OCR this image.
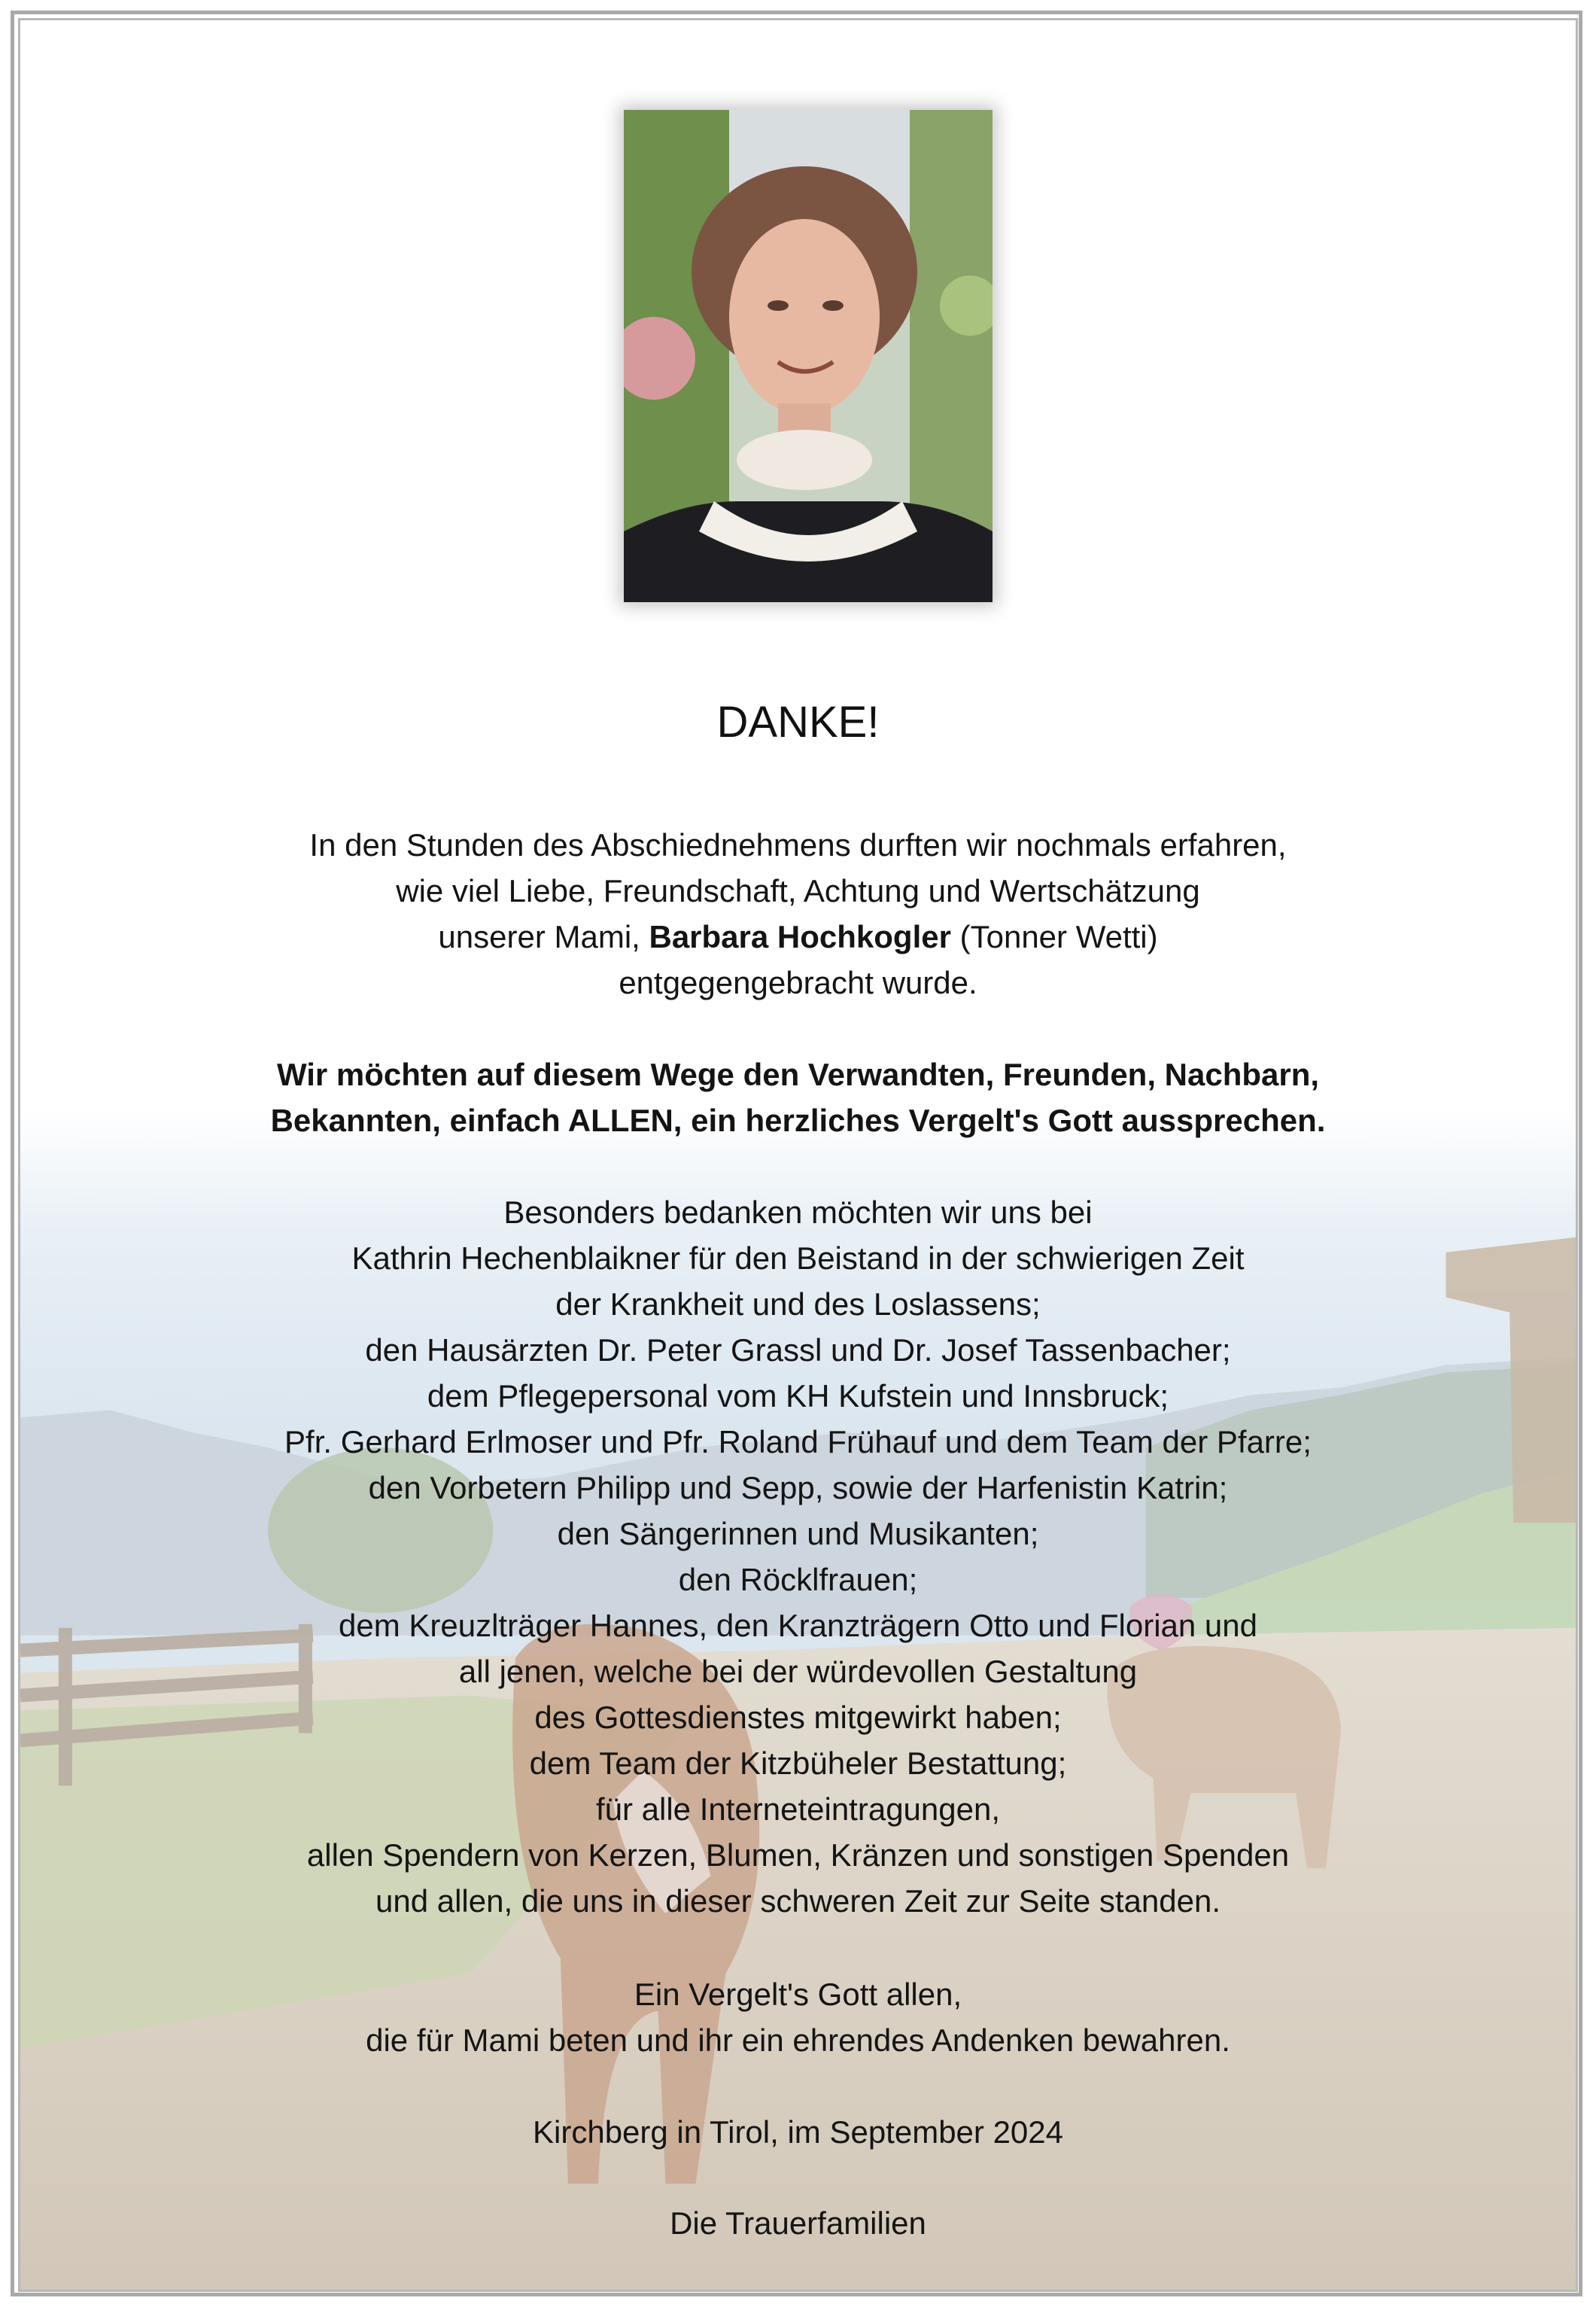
DANKE!
In den Stunden des Abschiednehmens durften wir nochmals erfahren,
wie viel Liebe, Freundschaft, Achtung und Wertschätzung
unserer Mami, Barbara Hochkogler (Tonner Wetti)
entgegengebracht wurde.
Wir möchten auf diesem Wege den Verwandten, Freunden, Nachbarn,
Bekannten, einfach ALLEN, ein herzliches Vergelt's Gott aussprechen.
Besonders bedanken möchten wir uns bei
Kathrin Hechenblaikner für den Beistand in der schwierigen Zeit
der Krankheit und des Loslassens;
den Hausärzten Dr. Peter Grassl und Dr. Josef Tassenbacher;
dem Pflegepersonal vom KH Kufstein und Innsbruck;
Pfr. Gerhard Erlmoser und Pfr. Roland Frühauf und dem Team der Pfarre;
den Vorbetern Philipp und Sepp, sowie der Harfenistin Katrin;
den Sängerinnen und Musikanten;
den Röcklfrauen;
dem Kreuzlträger Hannes, den Kranzträgern Otto und Florian und
all jenen, welche bei der würdevollen Gestaltung
des Gottesdienstes mitgewirkt haben;
dem Team der Kitzbüheler Bestattung;
für alle Interneteintragungen,
allen Spendern von Kerzen, Blumen, Kränzen und sonstigen Spenden
und allen, die uns in dieser schweren Zeit zur Seite standen.
Ein Vergelt's Gott allen,
die für Mami beten und ihr ein ehrendes Andenken bewahren.
Kirchberg in Tirol, im September 2024
Die Trauerfamilien
